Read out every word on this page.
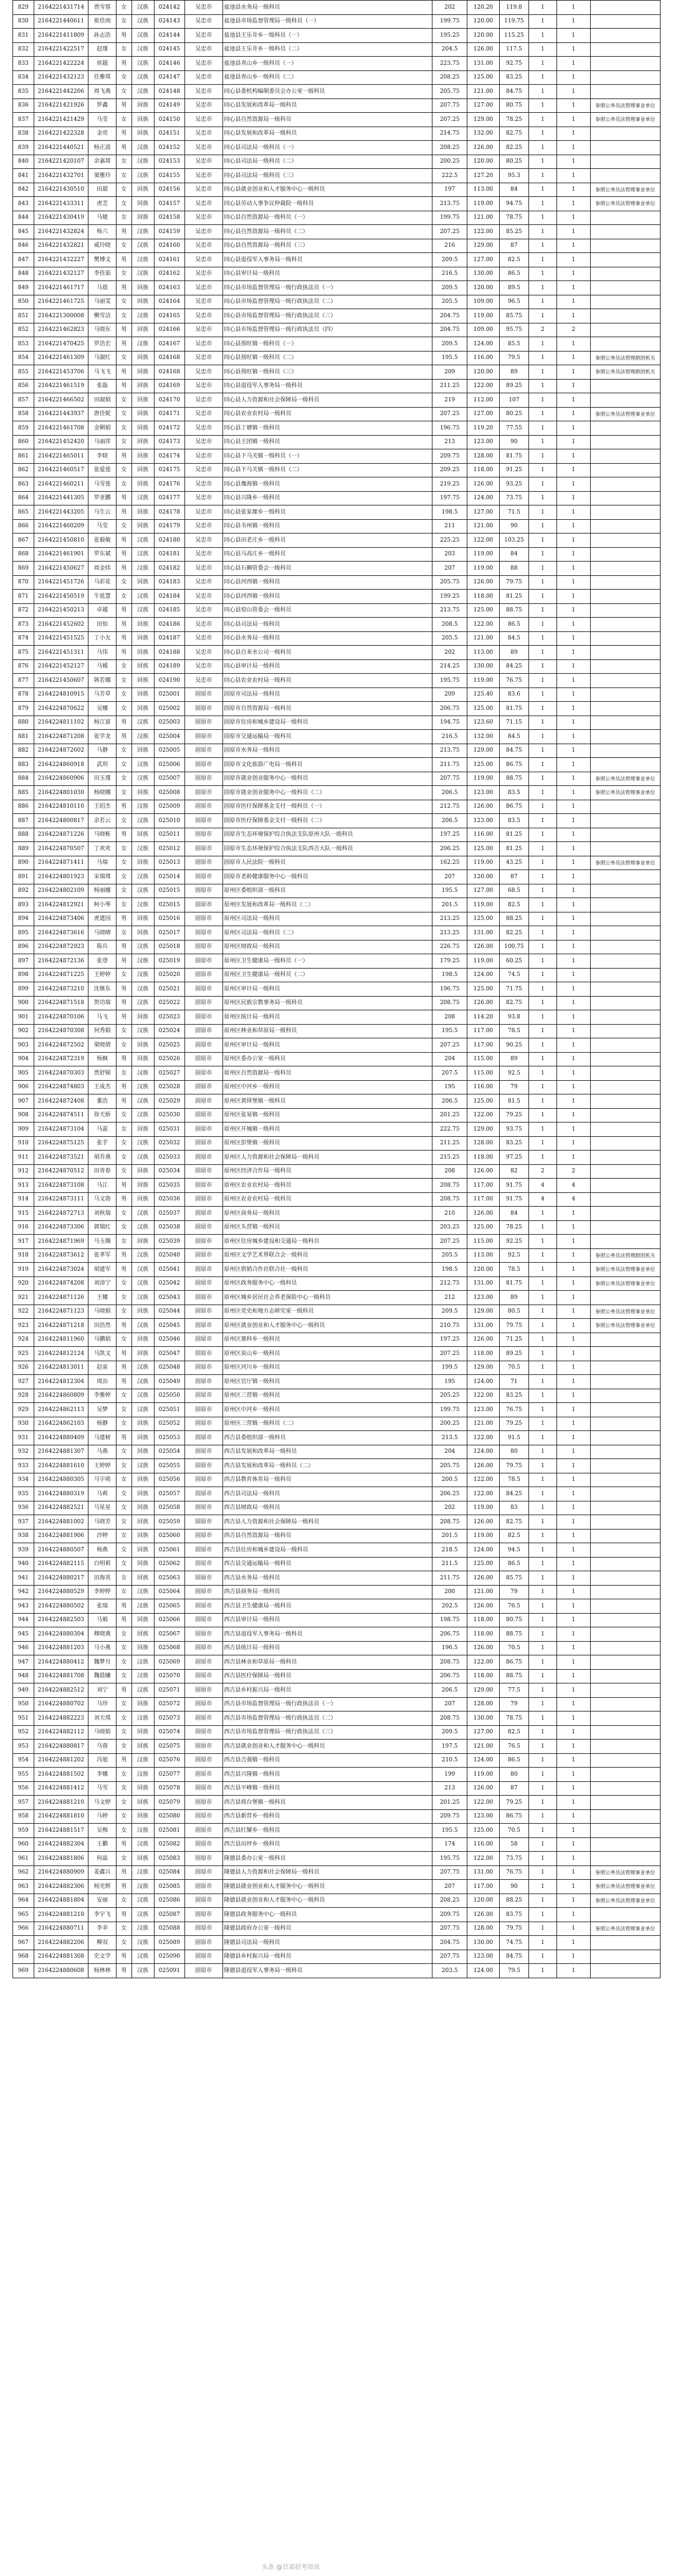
829	2164221431714	贾雪蓉	女	汉族	024142	吴忠市	盐池县水务局一级科员	202	120.20	119.8	1	1	
830	2164221440611	崔佳雨	女	汉族	024143	吴忠市	盐池县市场监督管理局一级科员（一）	199.75	120.00	119.75	1	1	
831	2164221411809	孙志浩	男	汉族	024144	吴忠市	盐池县王乐井乡一级科员（一）	195.25	120.00	115.25	1	1	
832	2164221422517	赵瑾	女	汉族	024145	吴忠市	盐池县王乐井乡一级科员（二）	204.5	126.00	117.5	1	1	
833	2164221422224	侯超	男	汉族	024146	吴忠市	盐池县青山乡一级科员（一）	223.75	131.00	92.75	1	1	
834	2164221432123	任雅琪	女	汉族	024147	吴忠市	盐池县青山乡一级科员（二）	208.25	125.00	83.25	1	1	
835	2164221442206	周飞燕	女	汉族	024148	吴忠市	同心县委机构编制委员会办公室一级科员	205.75	121.00	84.75	1	1	
836	2164221421926	罗鑫	男	回族	024149	吴忠市	同心县发展和改革局一级科员	207.75	127.00	80.75	1	1	参照公务员法管理事业单位
837	2164221421429	马莹	女	回族	024150	吴忠市	同心县自然资源局一级科员	207.25	129.00	78.25	1	1	参照公务员法管理事业单位
838	2164221422328	金亮	男	回族	024151	吴忠市	同心县发展和改革局一级科员	214.75	132.00	82.75	1	1	
839	2164221440521	杨正波	男	汉族	024152	吴忠市	同心县司法局一级科员（一）	208.25	126.00	82.25	1	1	
840	2164221420107	余嘉琦	女	汉族	024153	吴忠市	同心县司法局一级科员（二）	200.25	120.00	80.25	1	1	
841	2164221432701	窦雅玲	女	汉族	024155	吴忠市	同心县司法局一级科员（三）	222.5	127.20	95.3	1	1	
842	2164221430510	田甜	女	回族	024156	吴忠市	同心县就业创业和人才服务中心一级科员	197	113.00	84	1	1	参照公务员法管理事业单位
843	2164221433311	虎芝	女	回族	024157	吴忠市	同心县劳动人事争议仲裁院一级科员	213.75	119.00	94.75	1	1	参照公务员法管理事业单位
844	2164221430419	马婕	女	回族	024158	吴忠市	同心县自然资源局一级科员（一）	199.75	121.00	78.75	1	1	
845	2164221432824	杨六	男	汉族	024159	吴忠市	同心县自然资源局一级科员（二）	207.25	122.00	85.25	1	1	
846	2164221432821	咸玲晓	女	汉族	024160	吴忠市	同心县自然资源局一级科员（三）	216	129.00	87	1	1	
847	2164221432227	樊博文	男	汉族	024161	吴忠市	同心县退役军人事务局一级科员	209.5	127.00	82.5	1	1	
848	2164221432127	李佳茹	女	汉族	024162	吴忠市	同心县审计局一级科员	216.5	130.00	86.5	1	1	
849	2164221461717	马晨	男	回族	024163	吴忠市	同心县市场监督管理局一级行政执法员（一）	209.5	120.00	89.5	1	1	
850	2164221461725	马丽雯	女	回族	024164	吴忠市	同心县市场监督管理局一级行政执法员（二）	205.5	109.00	96.5	1	1	
851	2164221300008	柳雪洁	女	汉族	024165	吴忠市	同心县市场监督管理局一级行政执法员（三）	204.75	119.00	85.75	1	1	
852	2164221462823	马晓东	男	回族	024166	吴忠市	同心县市场监督管理局一级行政执法员（四）	204.75	109.00	95.75	2	2	
853	2164221470425	罗浩宏	男	汉族	024167	吴忠市	同心县预旺镇一级科员（一）	209.5	124.00	85.5	1	1	
854	2164221461309	马淑红	女	回族	024168	吴忠市	同心县预旺镇一级科员（二）	195.5	116.00	79.5	1	1	参照公务员法管理群团机关
855	2164221453706	马飞飞	男	回族	024168	吴忠市	同心县预旺镇一级科员（三）	209	120.00	89	1	1	参照公务员法管理群团机关
856	2164221461519	张磊	男	回族	024169	吴忠市	同心县退役军人事务局一级科员	211.25	122.00	89.25	1	1	
857	2164221466502	田淑娟	女	回族	024170	吴忠市	同心县人力资源和社会保障局一级科员	219	112.00	107	1	1	
858	2164221443937	唐佳妮	女	回族	024171	吴忠市	同心县农业农村局一级科员	207.25	127.00	80.25	1	1	参照公务员法管理事业单位
859	2164221461708	金俐娟	女	回族	024172	吴忠市	同心县丁塘镇一级科员	196.75	119.20	77.55	1	1	
860	2164221452420	马丽萍	女	回族	024173	吴忠市	同心县王团镇一级科员	213	123.00	90	1	1	
861	2164221465011	李晓	男	回族	024174	吴忠市	同心县下马关镇一级科员（一）	209.75	128.00	81.75	1	1	
862	2164221460517	张爱莲	女	回族	024175	吴忠市	同心县下马关镇一级科员（二）	209.25	118.00	91.25	1	1	
863	2164221460211	马雪莲	女	回族	024176	吴忠市	同心县豫海镇一级科员	219.25	126.00	93.25	1	1	
864	2164221441305	罗亚鹏	男	汉族	024177	吴忠市	同心县兴隆乡一级科员	197.75	124.00	73.75	1	1	
865	2164221443205	马生云	男	回族	024178	吴忠市	同心县张家塬乡一级科员	198.5	127.00	71.5	1	1	
866	2164221460209	马莹	女	回族	024179	吴忠市	同心县韦州镇一级科员	211	121.00	90	1	1	
867	2164221450810	张毅敏	男	汉族	024180	吴忠市	同心县田老庄乡一级科员	225.25	122.00	103.25	1	1	
868	2164221461901	罗东斌	男	汉族	024181	吴忠市	同心县马高庄乡一级科员	203	119.00	84	1	1	
869	2164221450627	周金炜	男	汉族	024182	吴忠市	同心县石狮管委会一级科员	207	119.00	88	1	1	
870	2164221451726	马彩花	女	回族	024183	吴忠市	同心县河西镇一级科员	205.75	126.00	79.75	1	1	
871	2164221450519	牛延慧	女	汉族	024184	吴忠市	同心县河西镇一级科员	199.25	118.00	81.25	1	1	
872	2164221450213	卓越	男	汉族	024185	吴忠市	同心县窑山管委会一级科员	213.75	125.00	88.75	1	1	
873	2164221452602	田怡	男	回族	024186	吴忠市	同心县司法局一级科员	208.5	122.00	86.5	1	1	
874	2164221451525	丁小友	男	回族	024187	吴忠市	同心县水务局一级科员	205.5	121.00	84.5	1	1	
875	2164221451311	马伟	男	回族	024188	吴忠市	同心县自来水公司一级科员	202	113.00	89	1	1	
876	2164221452127	马媛	女	回族	024189	吴忠市	同心县审计局一级科员	214.25	130.00	84.25	1	1	
877	2164221450607	韩若娜	女	回族	024190	吴忠市	同心县农业农村局一级科员	195.75	119.00	76.75	1	1	
878	2164224810915	马芳草	女	回族	025001	固原市	固原市司法局一级科员	209	125.40	83.6	1	1	
879	2164224870622	吴娜	女	回族	025002	固原市	固原市自然资源局一级科员	206.75	125.00	81.75	1	1	
880	2164224811102	杨江富	男	汉族	025003	固原市	固原市住房和城乡建设局一级科员	194.75	123.60	71.15	1	1	
881	2164224871208	张学龙	男	汉族	025004	固原市	固原市交通运输局一级科员	216.5	132.00	84.5	1	1	
882	2164224872602	马静	女	回族	025005	固原市	固原市水务局一级科员	213.75	129.00	84.75	1	1	
883	2164224860918	武玥	女	汉族	025006	固原市	固原市文化旅游广电局一级科员	211.75	125.00	86.75	1	1	
884	2164224860906	田玉瑾	女	汉族	025007	固原市	固原市就业创业服务中心一级科员	207.75	119.00	88.75	1	1	参照公务员法管理事业单位
885	2164224801030	杨晓娜	女	回族	025008	固原市	固原市就业创业服务中心一级科员（二）	206.5	123.00	83.5	1	1	参照公务员法管理事业单位
886	2164224810110	王绍杰	男	汉族	025009	固原市	固原市医疗保障基金支付一级科员（一）	212.75	126.00	86.75	1	1	
887	2164224800817	余若云	女	汉族	025010	固原市	固原市医疗保障基金支付一级科员（二）	206.5	123.00	83.5	1	1	
888	2164224871226	马晓栋	男	回族	025011	固原市	固原市生态环境保护综合执法支队原州大队一级科员	197.25	116.00	81.25	1	1	
889	2164224870507	丁欢欢	女	汉族	025012	固原市	固原市生态环境保护综合执法支队西吉大队一级科员	206.25	125.00	81.25	1	1	
890	2164224871411	马瑞	女	回族	025013	固原市	固原市人民法院一级科员	162.25	119.00	43.25	1	1	参照公务员法管理事业单位
891	2164224801923	宋瑞琪	女	汉族	025014	固原市	固原市老龄健康服务中心一级科员	207	120.00	87	1	1	
892	2164224802109	杨丽娜	女	汉族	025015	固原市	原州区委组织部一级科员	195.5	127.00	68.5	1	1	
893	2164224812921	柯小琴	女	汉族	025015	固原市	原州区发展和改革局一级科员（二）	201.5	119.00	82.5	1	1	
894	2164224873406	虎建国	男	回族	025016	固原市	原州区司法局一级科员	213.25	125.00	88.25	1	1	
895	2164224873616	马晓晴	女	回族	025017	固原市	原州区司法局一级科员（二）	213.25	131.00	82.25	1	1	
896	2164224872923	陈兵	男	汉族	025018	固原市	原州区财政局一级科员	226.75	126.00	100.75	1	1	
897	2164224872136	张登	男	汉族	025019	固原市	原州区卫生健康局一级科员（一）	179.25	119.00	60.25	1	1	
898	2164224871225	王婷婷	女	汉族	025020	固原市	原州区卫生健康局一级科员（二）	198.5	124.00	74.5	1	1	
899	2164224873210	沈继东	男	汉族	025021	固原市	原州区审计局一级科员	196.75	125.00	71.75	1	1	
900	2164224871518	贺功瑞	男	汉族	025022	固原市	原州区民族宗教事务局一级科员	208.75	126.00	82.75	1	1	
901	2164224870106	马飞	男	回族	025023	固原市	原州区统计局一级科员	208	114.20	93.8	1	1	
902	2164224870308	何秀娟	女	汉族	025024	固原市	原州区林业和草原局一级科员	195.5	117.00	78.5	1	1	
903	2164224872502	梁晓倩	女	回族	025025	固原市	原州区审计局一级科员	207.25	117.00	90.25	1	1	
904	2164224872319	杨枫	男	回族	025026	固原市	原州区委办公室一级科员	204	115.00	89	1	1	
905	2164224870303	贾舒锦	女	汉族	025027	固原市	原州区自然资源局一级科员	207.5	115.00	92.5	1	1	
906	2164224874803	王成杰	男	汉族	025028	固原市	原州区中河乡一级科员	195	116.00	79	1	1	
907	2164224872408	董浩	男	汉族	025029	固原市	原州区黄铎堡镇一级科员	206.5	125.00	81.5	1	1	
908	2164224874511	徐天娇	女	汉族	025030	固原市	原州区张易镇一级科员	201.25	122.00	79.25	1	1	
909	2164224873104	马蕊	女	回族	025031	固原市	原州区开城镇一级科员	222.75	129.00	93.75	1	1	
910	2164224875125	张芋	女	汉族	025032	固原市	原州区彭堡镇一级科员	211.25	128.00	83.25	1	1	
911	2164224873521	胡乔燕	女	汉族	025033	固原市	原州区人力资源和社会保障局一级科员	215.25	118.00	97.25	1	1	
912	2164224870512	田青春	女	回族	025034	固原市	原州区经济合作局一级科员	208	126.00	82	2	2	
913	2164224873108	马江	男	回族	025035	固原市	原州区农业农村局一级科员	208.75	117.00	91.75	4	4	
914	2164224873111	马文勃	男	回族	025036	固原市	原州区农业农村局一级科员	208.75	117.00	91.75	4	4	
915	2164224872713	刘秋瑞	女	汉族	025037	固原市	原州区商务局一级科员	210	126.00	84	1	1	
916	2164224873306	郭瑞红	女	汉族	025038	固原市	原州区头营镇一级科员	203.25	125.00	78.25	1	1	
917	2164224871969	马玉娥	女	回族	025039	固原市	原州区住房城乡建设和交通局一级科员	207.25	115.00	92.25	1	1	
918	2164224873612	张孝军	男	汉族	025040	固原市	原州区文学艺术界联合会一级科员	205.5	113.00	92.5	1	1	参照公务员法管理群团机关
919	2164224873024	胡建军	男	汉族	025041	固原市	原州区供销合作社联合社一级科员	198.5	120.00	78.5	1	1	参照公务员法管理事业单位
920	2164224874208	刘沛宁	女	汉族	025042	固原市	原州区政务服务中心一级科员	212.75	131.00	81.75	1	1	参照公务员法管理事业单位
921	2164224871126	王娜	女	汉族	025043	固原市	原州区城乡居民社会养老保险中心一级科员	212	123.00	89	1	1	
922	2164224871123	马晓娟	女	回族	025044	固原市	原州区党史和地方志研究室一级科员	209.5	129.00	80.5	1	1	参照公务员法管理事业单位
923	2164224871218	田浩然	男	汉族	025045	固原市	原州区就业创业和人才服务中心一级科员	210.75	131.00	79.75	1	1	参照公务员法管理事业单位
924	2164224811960	马鹏娟	女	回族	025046	固原市	原州区寨科乡一级科员	197.25	126.00	71.25	1	1	
925	2164224812124	马凯文	男	回族	025047	固原市	原州区炭山乡一级科员	207.25	118.00	89.25	1	1	
926	2164224813011	赵雷	男	汉族	025048	固原市	原州区河川乡一级科员	199.5	129.00	70.5	1	1	
927	2164224812304	周治	男	汉族	025049	固原市	原州区官厅镇一级科员	195	124.00	71	1	1	
928	2164224860809	李雅婷	女	汉族	025050	固原市	原州区三营镇一级科员	205.25	122.00	83.25	1	1	
929	2164224862113	吴梦	女	汉族	025051	固原市	原州区中河乡一级科员	199.75	123.00	76.75	1	1	
930	2164224862103	杨静	女	回族	025052	固原市	原州区三营镇一级科员（二）	200.25	121.00	79.25	1	1	
931	2164224880409	马建树	男	回族	025053	固原市	西吉县委组织部一级科员	213.5	122.00	91.5	1	1	
932	2164224881307	马燕	女	回族	025054	固原市	西吉县发展和改革局一级科员	204	124.00	80	1	1	
933	2164224881610	王婷婷	女	汉族	025055	固原市	西吉县发展和改革局一级科员（二）	205.75	126.00	79.75	1	1	
934	2164224880305	马宇萌	女	回族	025056	固原市	西吉县教育体育局一级科员	200.5	122.00	78.5	1	1	
935	2164224880319	马莉	女	回族	025057	固原市	西吉县司法局一级科员	206.25	122.00	84.25	1	1	
936	2164224882521	马星星	女	回族	025058	固原市	西吉县财政局一级科员	202	119.00	83	1	1	
937	2164224881002	马晓芳	女	回族	025059	固原市	西吉县人力资源和社会保障局一级科员	208.75	126.00	82.75	1	1	
938	2164224881906	沙婷	女	回族	025060	固原市	西吉县自然资源局一级科员	201.5	119.00	82.5	1	1	
939	2164224880507	杨燕	女	回族	025061	固原市	西吉县住房和城乡建设局一级科员	218.5	124.00	94.5	1	1	
940	2164224882115	白明莉	女	回族	025062	固原市	西吉县交通运输局一级科员	211.5	125.00	86.5	1	1	
941	2164224880217	田海英	女	回族	025063	固原市	西吉县水务局一级科员	211.75	126.00	85.75	1	1	
942	2164224880529	李婷婷	女	汉族	025064	固原市	西吉县商务局一级科员	200	121.00	79	1	1	
943	2164224880502	张瑞	男	汉族	025065	固原市	西吉县卫生健康局一级科员	202.5	126.00	76.5	1	1	
944	2164224882503	马毅	男	回族	025066	固原市	西吉县审计局一级科员	198.75	118.00	80.75	1	1	
945	2164224880304	穆晓燕	女	回族	025067	固原市	西吉县退役军人事务局一级科员	206.75	118.00	88.75	1	1	
946	2164224881203	马小燕	女	回族	025068	固原市	西吉县统计局一级科员	196.5	126.00	70.5	1	1	
947	2164224880412	魏梦月	女	汉族	025069	固原市	西吉县林业和草原局一级科员	208.75	122.00	86.75	1	1	
948	2164224881708	魏晨曦	女	汉族	025070	固原市	西吉县医疗保障局一级科员	206.75	118.00	88.75	1	1	
949	2164224882512	刘宁	男	汉族	025071	固原市	西吉县乡村振兴局一级科员	206.5	129.00	77.5	1	1	
950	2164224880702	马珍	女	回族	025072	固原市	西吉县市场监督管理局一级行政执法员（一）	207	128.00	79	1	1	
951	2164224882223	刘天琪	女	汉族	025073	固原市	西吉县市场监督管理局一级行政执法员（二）	208.75	130.00	78.75	1	1	
952	2164224882112	马晓娟	女	回族	025074	固原市	西吉县市场监督管理局一级行政执法员（三）	209.5	127.00	82.5	1	1	
953	2164224880817	马蓉	女	回族	025075	固原市	西吉县就业创业和人才服务中心一级科员	197.5	121.00	76.5	1	1	
954	2164224881202	冯旭	男	汉族	025076	固原市	西吉县吉强镇一级科员	210.5	124.00	86.5	1	1	
955	2164224881502	李娜	女	汉族	025077	固原市	西吉县兴隆镇一级科员	199	119.00	80	1	1	
956	2164224881412	马雪	女	回族	025078	固原市	西吉县平峰镇一级科员	213	126.00	87	1	1	
957	2164224881210	马文婷	女	回族	025079	固原市	西吉县将台堡镇一级科员	201.25	122.00	79.25	1	1	
958	2164224881810	马婷	女	回族	025080	固原市	西吉县新营乡一级科员	209.75	123.00	86.75	1	1	
959	2164224881517	吴梅	女	汉族	025081	固原市	西吉县红耀乡一级科员	195.5	125.00	70.5	1	1	
960	2164224882304	王鹏	男	汉族	025082	固原市	西吉县田坪乡一级科员	174	116.00	58	1	1	
961	2164224881806	何晶	女	回族	025083	固原市	隆德县委办公室一级科员	195.75	122.00	73.75	1	1	
962	2164224880909	姜鑫兴	男	汉族	025084	固原市	隆德县人力资源和社会保障局一级科员	207.75	131.00	76.75	1	1	参照公务员法管理事业单位
963	2164224882306	杨光辉	男	汉族	025085	固原市	隆德县就业创业和人才服务中心一级科员	207	117.00	90	1	1	参照公务员法管理事业单位
964	2164224881804	安丽	女	汉族	025086	固原市	隆德县就业创业和人才服务中心一级科员	208.25	120.00	88.25	1	1	参照公务员法管理事业单位
965	2164224881210	李宇飞	男	汉族	025087	固原市	隆德县政务服务中心一级科员	209.75	126.00	83.75	1	1	
966	2164224880711	李幸	女	汉族	025088	固原市	隆德县政府办公室一级科员	207.75	128.00	79.75	1	1	参照公务员法管理事业单位
967	2164224882206	柳双	女	汉族	025089	固原市	隆德县司法局一级科员	204.75	130.00	74.75	1	1	
968	2164224881308	史文学	男	汉族	025090	固原市	隆德县乡村振兴局一级科员	207.75	123.00	84.75	1	1	
969	2164224880608	杨林林	男	汉族	025091	固原市	隆德县退役军人事务局一级科员	203.5	124.00	79.5	1	1	
头条 @甘肃招考资讯
